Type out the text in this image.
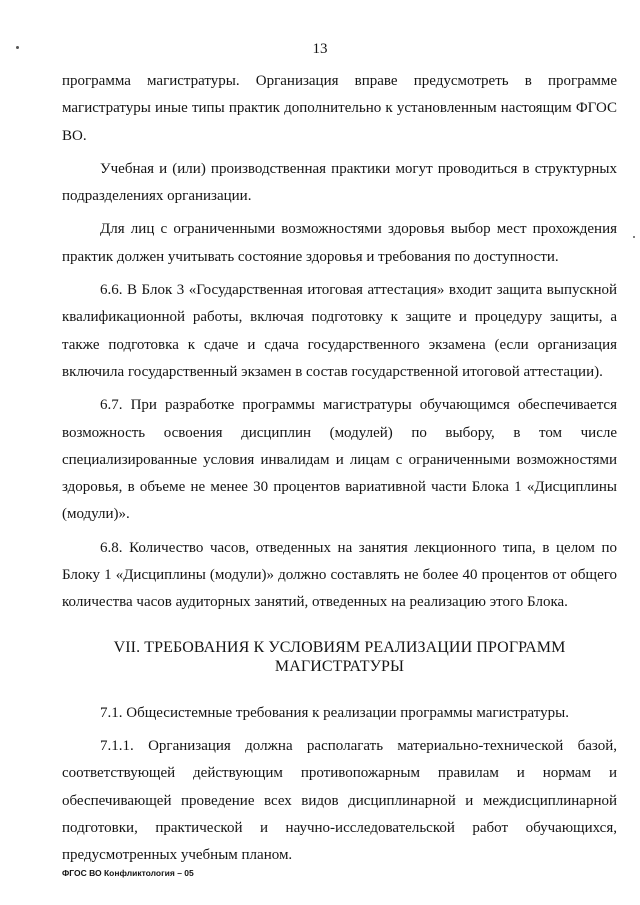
13

программа магистратуры. Организация вправе предусмотреть в программе магистратуры иные типы практик дополнительно к установленным настоящим ФГОС ВО.

Учебная и (или) производственная практики могут проводиться в структурных подразделениях организации.

Для лиц с ограниченными возможностями здоровья выбор мест прохождения практик должен учитывать состояние здоровья и требования по доступности.

6.6. В Блок 3 «Государственная итоговая аттестация» входит защита выпускной квалификационной работы, включая подготовку к защите и процедуру защиты, а также подготовка к сдаче и сдача государственного экзамена (если организация включила государственный экзамен в состав государственной итоговой аттестации).

6.7. При разработке программы магистратуры обучающимся обеспечивается возможность освоения дисциплин (модулей) по выбору, в том числе специализированные условия инвалидам и лицам с ограниченными возможностями здоровья, в объеме не менее 30 процентов вариативной части Блока 1 «Дисциплины (модули)».

6.8. Количество часов, отведенных на занятия лекционного типа, в целом по Блоку 1 «Дисциплины (модули)» должно составлять не более 40 процентов от общего количества часов аудиторных занятий, отведенных на реализацию этого Блока.

VII. ТРЕБОВАНИЯ К УСЛОВИЯМ РЕАЛИЗАЦИИ ПРОГРАММ
МАГИСТРАТУРЫ

7.1. Общесистемные требования к реализации программы магистратуры.

7.1.1. Организация должна располагать материально-технической базой, соответствующей действующим противопожарным правилам и нормам и обеспечивающей проведение всех видов дисциплинарной и междисциплинарной подготовки, практической и научно-исследовательской работ обучающихся, предусмотренных учебным планом.

ФГОС ВО Конфликтология – 05
